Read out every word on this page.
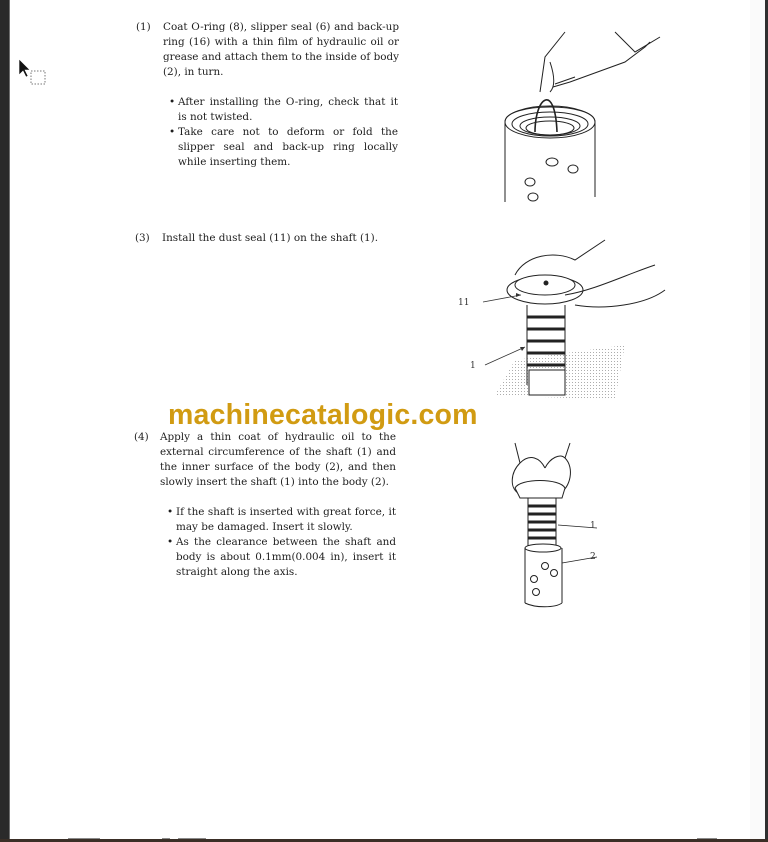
(1) Coat O-ring (8), slipper seal (6) and back-up ring (16) with a thin film of hydraulic oil or grease and attach them to the inside of body (2), in turn.
• After installing the O-ring, check that it is not twisted.
• Take care not to deform or fold the slipper seal and back-up ring locally while inserting them.
(3) Install the dust seal (11) on the shaft (1).
11
1
(4) Apply a thin coat of hydraulic oil to the external circumference of the shaft (1) and the inner surface of the body (2), and then slowly insert the shaft (1) into the body (2).
• If the shaft is inserted with great force, it may be damaged. Insert it slowly.
• As the clearance between the shaft and body is about 0.1mm(0.004 in), insert it straight along the axis.
1
2
machinecatalogic.com
